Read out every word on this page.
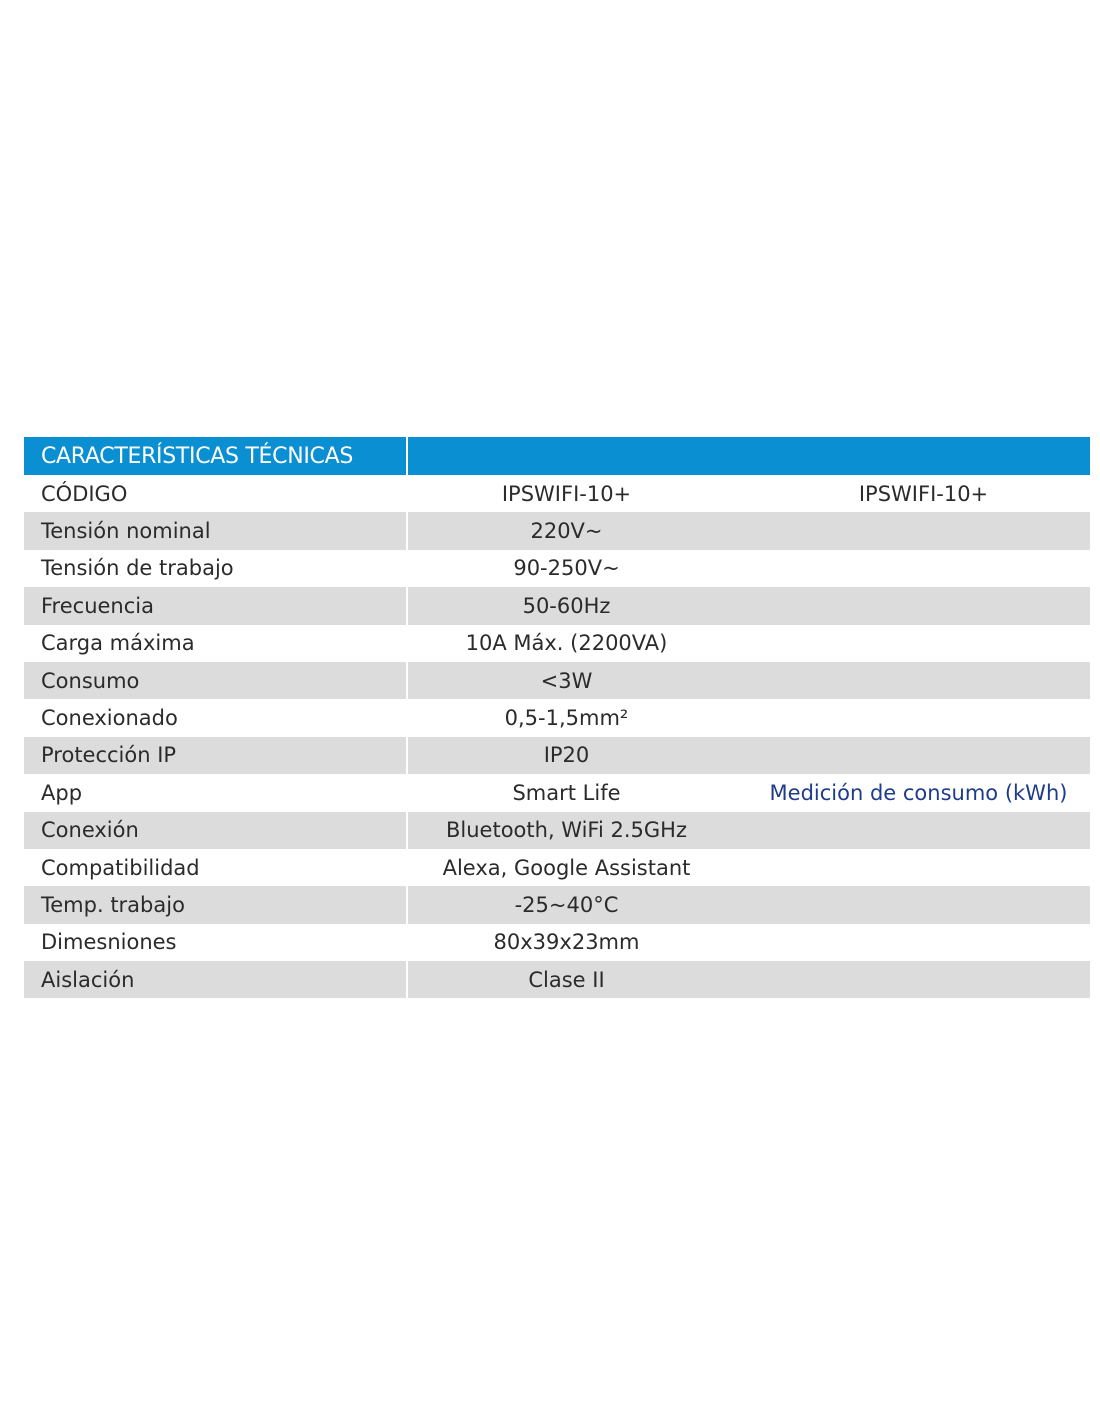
CARACTERÍSTICAS TÉCNICAS
CÓDIGO	IPSWIFI-10+	IPSWIFI-10+
Tensión nominal	220V~
Tensión de trabajo	90-250V~
Frecuencia	50-60Hz
Carga máxima	10A Máx. (2200VA)
Consumo	<3W
Conexionado	0,5-1,5mm²
Protección IP	IP20
App	Smart Life	Medición de consumo (kWh)
Conexión	Bluetooth, WiFi 2.5GHz
Compatibilidad	Alexa, Google Assistant
Temp. trabajo	-25~40°C
Dimesniones	80x39x23mm
Aislación	Clase II
